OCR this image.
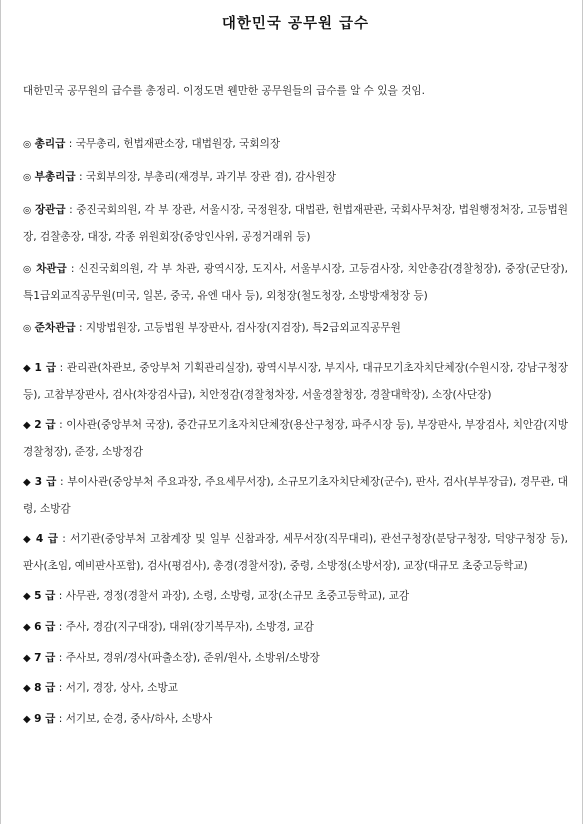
대한민국 공무원 급수

대한민국 공무원의 급수를 총정리. 이정도면 웬만한 공무원들의 급수를 알 수 있을 것임.

◎ 총리급 : 국무총리, 헌법재판소장, 대법원장, 국회의장

◎ 부총리급 : 국회부의장, 부총리(재경부, 과기부 장관 겸), 감사원장

◎ 장관급 : 중진국회의원, 각 부 장관, 서울시장, 국정원장, 대법관, 헌법재판관, 국회사무처장, 법원행정처장, 고등법원장, 검찰총장, 대장, 각종 위원회장(중앙인사위, 공정거래위 등)

◎ 차관급 : 신진국회의원, 각 부 차관, 광역시장, 도지사, 서울부시장, 고등검사장, 치안총감(경찰청장), 중장(군단장), 특1급외교직공무원(미국, 일본, 중국, 유엔 대사 등), 외청장(철도청장, 소방방재청장 등)

◎ 준차관급 : 지방법원장, 고등법원 부장판사, 검사장(지검장), 특2급외교직공무원

◆ 1 급 : 관리관(차관보, 중앙부처 기획관리실장), 광역시부시장, 부지사, 대규모기초자치단체장(수원시장, 강남구청장 등), 고참부장판사, 검사(차장검사급), 치안정감(경찰청차장, 서울경찰청장, 경찰대학장), 소장(사단장)

◆ 2 급 : 이사관(중앙부처 국장), 중간규모기초자치단체장(용산구청장, 파주시장 등), 부장판사, 부장검사, 치안감(지방경찰청장), 준장, 소방정감

◆ 3 급 : 부이사관(중앙부처 주요과장, 주요세무서장), 소규모기초자치단체장(군수), 판사, 검사(부부장급), 경무관, 대령, 소방감

◆ 4 급 : 서기관(중앙부처 고참계장 및 일부 신참과장, 세무서장(직무대리), 관선구청장(분당구청장, 덕양구청장 등), 판사(초임, 예비판사포함), 검사(평검사), 총경(경찰서장), 중령, 소방정(소방서장), 교장(대규모 초중고등학교)

◆ 5 급 : 사무관, 경정(경찰서 과장), 소령, 소방령, 교장(소규모 초중고등학교), 교감

◆ 6 급 : 주사, 경감(지구대장), 대위(장기복무자), 소방경, 교감

◆ 7 급 : 주사보, 경위/경사(파출소장), 준위/원사, 소방위/소방장

◆ 8 급 : 서기, 경장, 상사, 소방교

◆ 9 급 : 서기보, 순경, 중사/하사, 소방사
